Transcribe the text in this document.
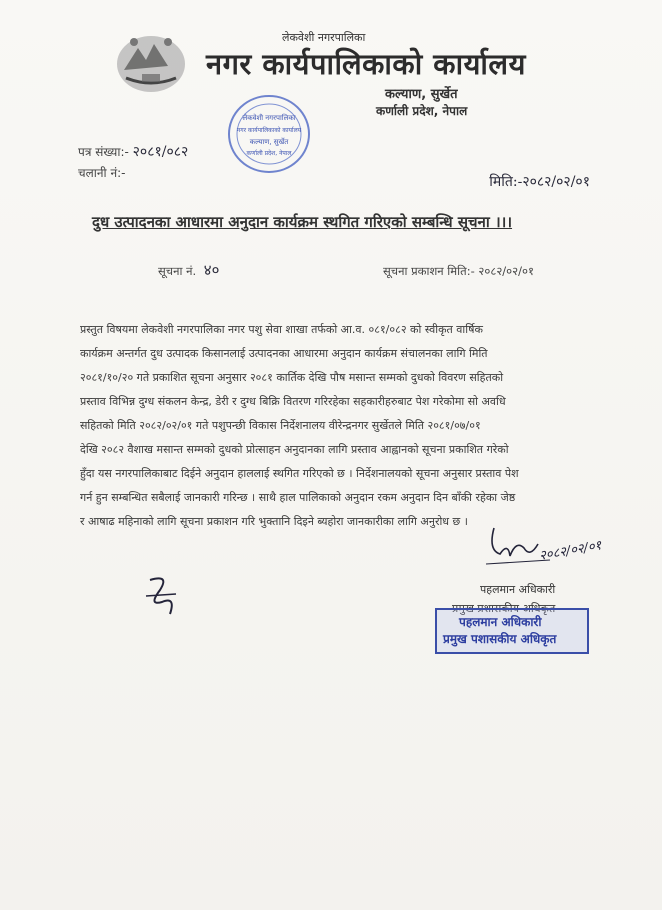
लेकवेशी नगरपालिका
नगर कार्यपालिकाको कार्यालय
कल्याण, सुर्खेत
कर्णाली प्रदेश, नेपाल
लेकवेशी नगरपालिका
नगर कार्यपालिकाको कार्यालय
कल्याण, सुर्खेत
कर्णाली प्रदेश, नेपाल
पत्र संख्या:- २०८१/०८२
चलानी नं:-
मिति:-२०८२/०२/०१
दुध उत्पादनका आधारमा अनुदान कार्यक्रम स्थगित गरिएको सम्बन्धि सूचना ।।।
सूचना नं. ४०	सूचना प्रकाशन मिति:- २०८२/०२/०१
प्रस्तुत विषयमा लेकवेशी नगरपालिका नगर पशु सेवा शाखा तर्फको आ.व. ०८१/०८२ को स्वीकृत वार्षिक
कार्यक्रम अन्तर्गत दुध उत्पादक किसानलाई उत्पादनका आधारमा अनुदान कार्यक्रम संचालनका लागि मिति
२०८१/१०/२० गते प्रकाशित सूचना अनुसार २०८१ कार्तिक देखि पौष मसान्त सम्मको दुधको विवरण सहितको
प्रस्ताव विभिन्न दुग्ध संकलन केन्द्र, डेरी र दुग्ध बिक्रि वितरण गरिरहेका सहकारीहरुबाट पेश गरेकोमा सो अवधि
सहितको मिति २०८२/०२/०१ गते पशुपन्छी विकास निर्देशनालय वीरेन्द्रनगर सुर्खेतले मिति २०८१/०७/०१
देखि २०८२ वैशाख मसान्त सम्मको दुधको प्रोत्साहन अनुदानका लागि प्रस्ताव आह्वानको सूचना प्रकाशित गरेको
हुँदा यस नगरपालिकाबाट दिईने अनुदान हाललाई स्थगित गरिएको छ । निर्देशनालयको सूचना अनुसार प्रस्ताव पेश
गर्न हुन सम्बन्धित सबैलाई जानकारी गरिन्छ । साथै हाल पालिकाको अनुदान रकम अनुदान दिन बाँकी रहेका जेष्ठ
र आषाढ महिनाको लागि सूचना प्रकाशन गरि भुक्तानि दिइने ब्यहोरा जानकारीका लागि अनुरोध छ ।
२०८२/०२/०१
पहलमान अधिकारी
प्रमुख प्रशासकीय अधिकृत
पहलमान अधिकारी
प्रमुख पशासकीय अधिकृत
